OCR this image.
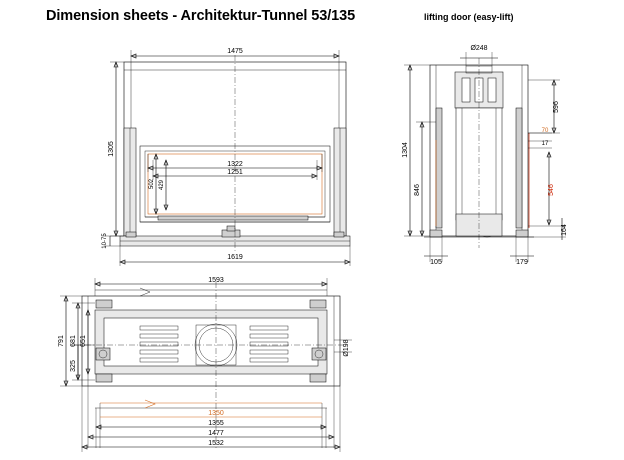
Dimension sheets - Architektur-Tunnel 53/135	lifting door (easy-lift)
1475
1619
1305
10-75
1322
1251
502 429
Ø248
1304
846
596
70
17
546
164
105	179

1593
791 681 651
325
Ø198
1350
1355
1477
1532
